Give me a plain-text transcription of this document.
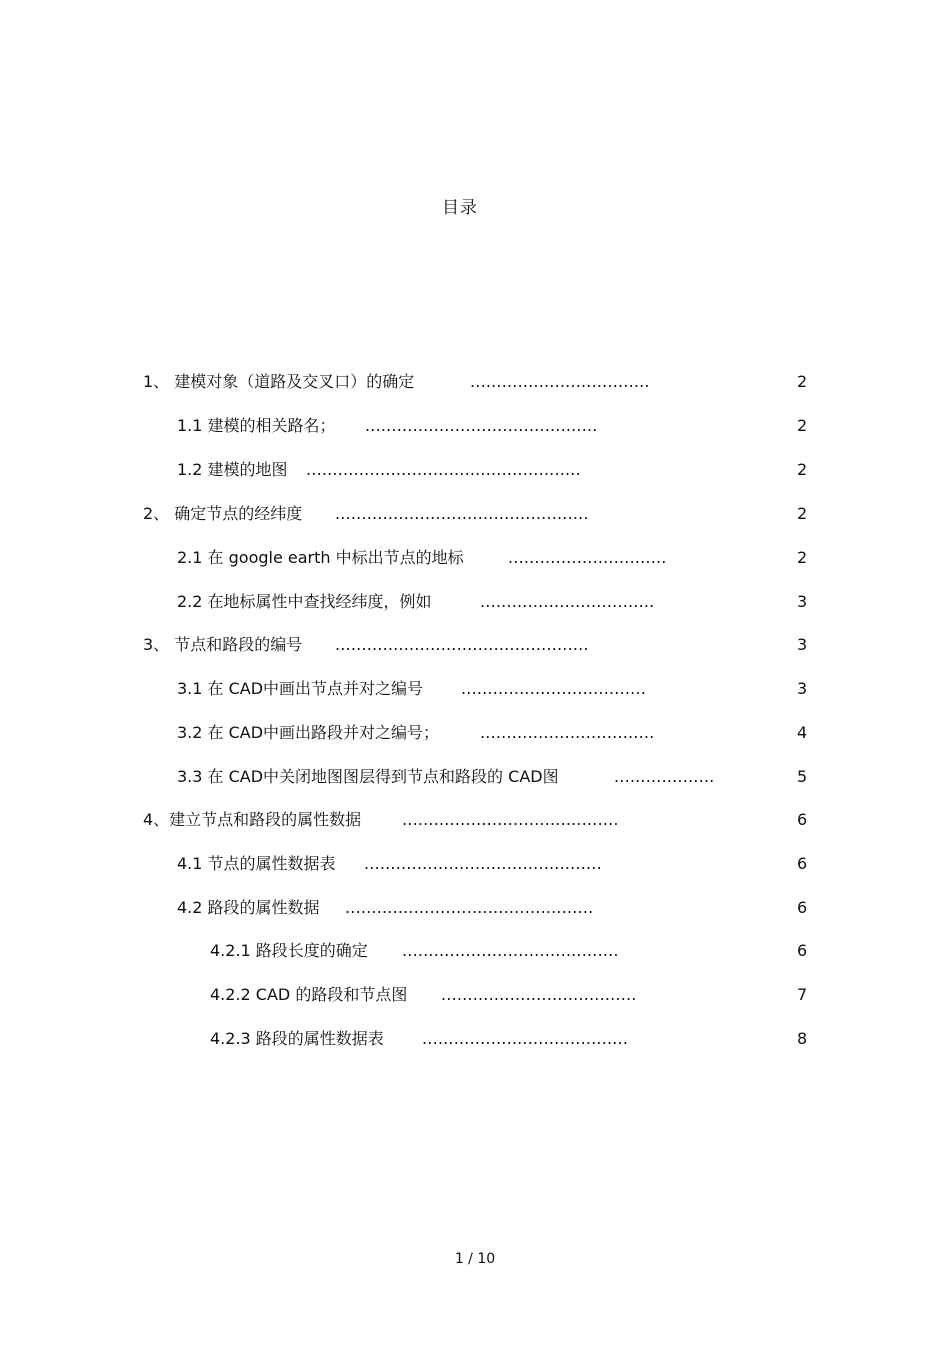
目录
1、 建模对象（道路及交叉口）的确定	..................................	2
1.1 建模的相关路名； ............................................	2
1.2 建模的地图 ....................................................	2
2、 确定节点的经纬度 ................................................	2
2.1 在 google earth 中标出节点的地标	..............................	2
2.2 在地标属性中查找经纬度，例如	.................................	3
3、 节点和路段的编号 ................................................	3
3.1 在 CAD中画出节点并对之编号 ...................................	3
3.2 在 CAD中画出路段并对之编号；	.................................	4
3.3 在 CAD中关闭地图图层得到节点和路段的 CAD图	...................	5
4、建立节点和路段的属性数据	.........................................	6
4.1 节点的属性数据表 .............................................	6
4.2 路段的属性数据 ...............................................	6
4.2.1 路段长度的确定 .........................................	6
4.2.2 CAD 的路段和节点图 .....................................	7
4.2.3 路段的属性数据表 .......................................	8
1 / 10
